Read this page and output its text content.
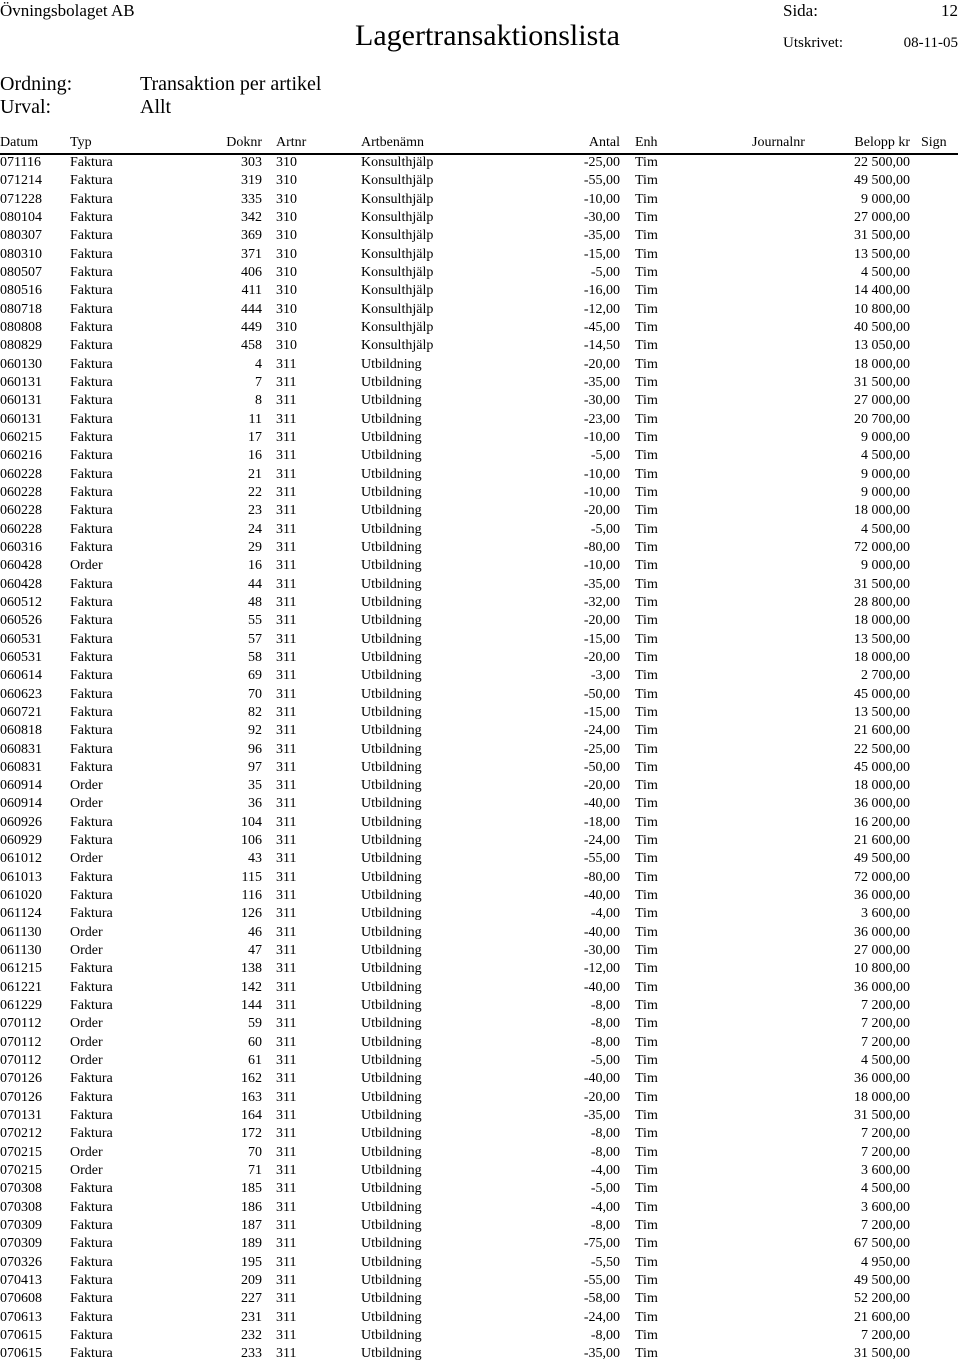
Övningsbolaget AB
Lagertransaktionslista
Sida:	12
Utskrivet:	08-11-05
Ordning:	Transaktion per artikel
Urval:	Allt
Datum Typ	Doknr Artnr	Artbenämn	Antal Enh	Journalnr	Belopp kr Sign
071116 Faktura	303 310	Konsulthjälp	-25,00 Tim	22 500,00
071214 Faktura	319 310	Konsulthjälp	-55,00 Tim	49 500,00
071228 Faktura	335 310	Konsulthjälp	-10,00 Tim	9 000,00
080104 Faktura	342 310	Konsulthjälp	-30,00 Tim	27 000,00
080307 Faktura	369 310	Konsulthjälp	-35,00 Tim	31 500,00
080310 Faktura	371 310	Konsulthjälp	-15,00 Tim	13 500,00
080507 Faktura	406 310	Konsulthjälp	-5,00 Tim	4 500,00
080516 Faktura	411 310	Konsulthjälp	-16,00 Tim	14 400,00
080718 Faktura	444 310	Konsulthjälp	-12,00 Tim	10 800,00
080808 Faktura	449 310	Konsulthjälp	-45,00 Tim	40 500,00
080829 Faktura	458 310	Konsulthjälp	-14,50 Tim	13 050,00
060130 Faktura	4 311	Utbildning	-20,00 Tim	18 000,00
060131 Faktura	7 311	Utbildning	-35,00 Tim	31 500,00
060131 Faktura	8 311	Utbildning	-30,00 Tim	27 000,00
060131 Faktura	11 311	Utbildning	-23,00 Tim	20 700,00
060215 Faktura	17 311	Utbildning	-10,00 Tim	9 000,00
060216 Faktura	16 311	Utbildning	-5,00 Tim	4 500,00
060228 Faktura	21 311	Utbildning	-10,00 Tim	9 000,00
060228 Faktura	22 311	Utbildning	-10,00 Tim	9 000,00
060228 Faktura	23 311	Utbildning	-20,00 Tim	18 000,00
060228 Faktura	24 311	Utbildning	-5,00 Tim	4 500,00
060316 Faktura	29 311	Utbildning	-80,00 Tim	72 000,00
060428 Order	16 311	Utbildning	-10,00 Tim	9 000,00
060428 Faktura	44 311	Utbildning	-35,00 Tim	31 500,00
060512 Faktura	48 311	Utbildning	-32,00 Tim	28 800,00
060526 Faktura	55 311	Utbildning	-20,00 Tim	18 000,00
060531 Faktura	57 311	Utbildning	-15,00 Tim	13 500,00
060531 Faktura	58 311	Utbildning	-20,00 Tim	18 000,00
060614 Faktura	69 311	Utbildning	-3,00 Tim	2 700,00
060623 Faktura	70 311	Utbildning	-50,00 Tim	45 000,00
060721 Faktura	82 311	Utbildning	-15,00 Tim	13 500,00
060818 Faktura	92 311	Utbildning	-24,00 Tim	21 600,00
060831 Faktura	96 311	Utbildning	-25,00 Tim	22 500,00
060831 Faktura	97 311	Utbildning	-50,00 Tim	45 000,00
060914 Order	35 311	Utbildning	-20,00 Tim	18 000,00
060914 Order	36 311	Utbildning	-40,00 Tim	36 000,00
060926 Faktura	104 311	Utbildning	-18,00 Tim	16 200,00
060929 Faktura	106 311	Utbildning	-24,00 Tim	21 600,00
061012 Order	43 311	Utbildning	-55,00 Tim	49 500,00
061013 Faktura	115 311	Utbildning	-80,00 Tim	72 000,00
061020 Faktura	116 311	Utbildning	-40,00 Tim	36 000,00
061124 Faktura	126 311	Utbildning	-4,00 Tim	3 600,00
061130 Order	46 311	Utbildning	-40,00 Tim	36 000,00
061130 Order	47 311	Utbildning	-30,00 Tim	27 000,00
061215 Faktura	138 311	Utbildning	-12,00 Tim	10 800,00
061221 Faktura	142 311	Utbildning	-40,00 Tim	36 000,00
061229 Faktura	144 311	Utbildning	-8,00 Tim	7 200,00
070112 Order	59 311	Utbildning	-8,00 Tim	7 200,00
070112 Order	60 311	Utbildning	-8,00 Tim	7 200,00
070112 Order	61 311	Utbildning	-5,00 Tim	4 500,00
070126 Faktura	162 311	Utbildning	-40,00 Tim	36 000,00
070126 Faktura	163 311	Utbildning	-20,00 Tim	18 000,00
070131 Faktura	164 311	Utbildning	-35,00 Tim	31 500,00
070212 Faktura	172 311	Utbildning	-8,00 Tim	7 200,00
070215 Order	70 311	Utbildning	-8,00 Tim	7 200,00
070215 Order	71 311	Utbildning	-4,00 Tim	3 600,00
070308 Faktura	185 311	Utbildning	-5,00 Tim	4 500,00
070308 Faktura	186 311	Utbildning	-4,00 Tim	3 600,00
070309 Faktura	187 311	Utbildning	-8,00 Tim	7 200,00
070309 Faktura	189 311	Utbildning	-75,00 Tim	67 500,00
070326 Faktura	195 311	Utbildning	-5,50 Tim	4 950,00
070413 Faktura	209 311	Utbildning	-55,00 Tim	49 500,00
070608 Faktura	227 311	Utbildning	-58,00 Tim	52 200,00
070613 Faktura	231 311	Utbildning	-24,00 Tim	21 600,00
070615 Faktura	232 311	Utbildning	-8,00 Tim	7 200,00
070615 Faktura	233 311	Utbildning	-35,00 Tim	31 500,00
